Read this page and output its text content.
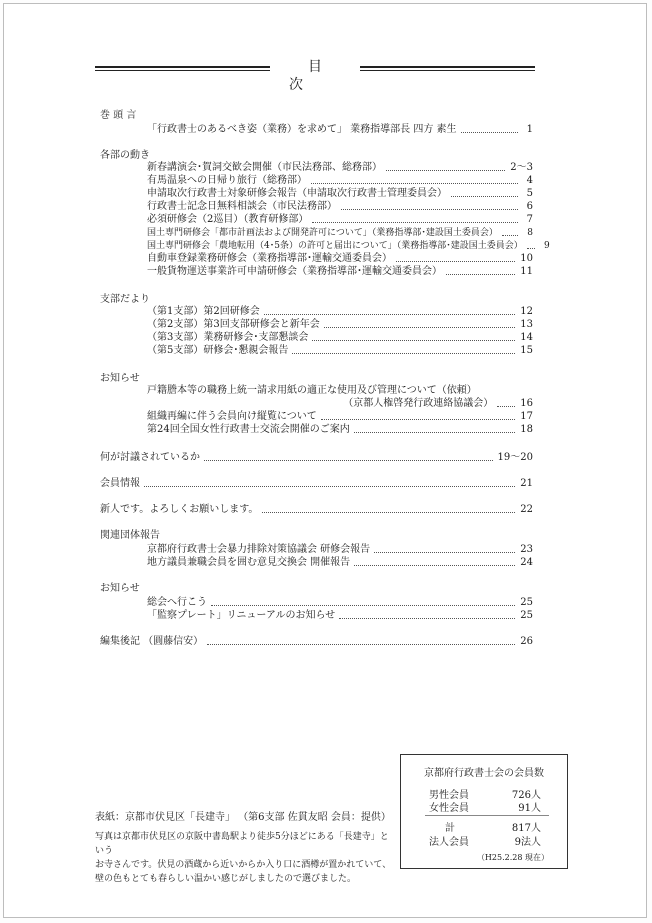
目 次
巻 頭 言
「行政書士のあるべき姿（業務）を求めて」 業務指導部長 四方 素生	1
各部の動き
新春講演会･賀詞交歓会開催（市民法務部、総務部）	2～3
有馬温泉への日帰り旅行（総務部）	4
申請取次行政書士対象研修会報告（申請取次行政書士管理委員会）	5
行政書士記念日無料相談会（市民法務部）	6
必須研修会（2巡目）（教育研修部）	7
国土専門研修会「都市計画法および開発許可について」（業務指導部･建設国土委員会）	8
国土専門研修会「農地転用（4･5条）の許可と届出について」（業務指導部･建設国土委員会）	9
自動車登録業務研修会（業務指導部･運輸交通委員会）	10
一般貨物運送事業許可申請研修会（業務指導部･運輸交通委員会）	11
支部だより
（第1支部）第2回研修会	12
（第2支部）第3回支部研修会と新年会	13
（第3支部）業務研修会･支部懇談会	14
（第5支部）研修会･懇親会報告	15
お知らせ
戸籍謄本等の職務上統一請求用紙の適正な使用及び管理について（依頼）
（京都人権啓発行政連絡協議会）	16
組織再編に伴う会員向け縦覧について	17
第24回全国女性行政書士交流会開催のご案内	18
何が討議されているか	19～20
会員情報	21
新人です。よろしくお願いします。	22
関連団体報告
京都府行政書士会暴力排除対策協議会 研修会報告	23
地方議員兼職会員を囲む意見交換会 開催報告	24
お知らせ
総会へ行こう	25
「監察プレート」リニューアルのお知らせ	25
編集後記 （圓藤信安）	26
表紙：京都市伏見区「長建寺」 （第6支部 佐貫友昭 会員：提供）
写真は京都市伏見区の京阪中書島駅より徒歩5分ほどにある「長建寺」という
お寺さんです。伏見の酒蔵から近いからか入り口に酒樽が置かれていて、
壁の色もとても春らしい温かい感じがしましたので選びました。
京都府行政書士会の会員数
男性会員	726人
女性会員	91人
計	817人
法人会員	9法人
（H25.2.28 現在）
